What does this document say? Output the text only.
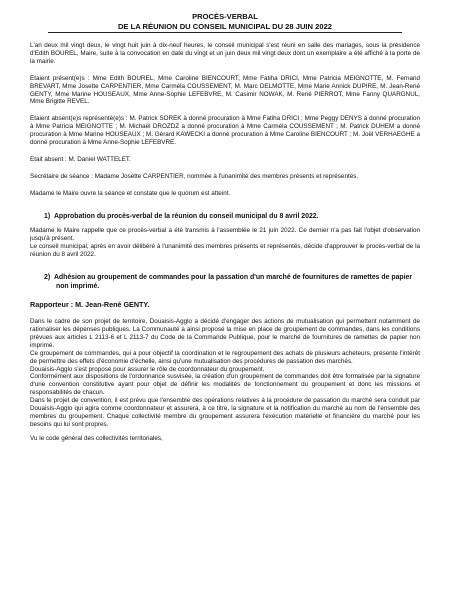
PROCÈS-VERBAL
DE LA RÉUNION DU CONSEIL MUNICIPAL DU 28 JUIN 2022

L'an deux mil vingt deux, le vingt huit juin à dix-neuf heures, le conseil municipal s'est réuni en salle des mariages, sous la présidence d'Edith BOUREL, Maire, suite à la convocation en date du vingt et un juin deux mil vingt deux dont un exemplaire a été affiché à la porte de la mairie.

Etaient présent(e)s : Mme Edith BOUREL, Mme Caroline BIENCOURT, Mme Fatiha DRICI, Mme Patricia MEIGNOTTE, M. Fernand BREVART, Mme Josette CARPENTIER, Mme Carméla COUSSEMENT, M. Marc DELMOTTE, Mme Marie Annick DUPIRE, M. Jean-René GENTY, Mme Marine HOUSEAUX, Mme Anne-Sophie LEFEBVRE, M. Casimir NOWAK, M. René PIERROT, Mme Fanny QUARGNUL, Mme Brigitte REVEL.

Etaient absent(e)s représenté(e)s : M. Patrick SOREK à donné procuration à Mme Fatiha DRICI ; Mme Peggy DENYS à donné procuration à Mme Patricia MEIGNOTTE ; M. Michaël DROZDZ a donné procuration à Mme Carméla COUSSEMENT ; M. Patrick DUHEM a donné procuration à Mme Marine HOUSEAUX ; M. Gérard KAWECKI a donné procuration à Mme Caroline BIENCOURT ; M. Joël VERHAEGHE a donné procuration à Mme Anne-Sophie LEFEBVRE.

Etait absent : M. Daniel WATTELET.

Secrétaire de séance : Madame Josette CARPENTIER, nommée à l'unanimité des membres présents et représentés.

Madame le Maire ouvre la séance et constate que le quorum est atteint.

1)  Approbation du procès-verbal de la réunion du conseil municipal du 8 avril 2022.

Madame le Maire rappelle que ce procès-verbal a été transmis à l'assemblée le 21 juin 2022. Ce dernier n'a pas fait l'objet d'observation jusqu'à présent.

Le conseil municipal, après en avoir délibéré à l'unanimité des membres présents et représentés, décide d'approuver le procès-verbal de la réunion du 8 avril 2022.

2)  Adhésion au groupement de commandes pour la passation d'un marché de fournitures de ramettes de papier non imprimé.
Rapporteur : M. Jean-René GENTY.

Dans le cadre de son projet de territoire, Douaisis-Agglo a décidé d'engager des actions de mutualisation qui permettent notamment de rationaliser les dépenses publiques. La Communauté a ainsi proposé la mise en place de groupement de commandes, dans les conditions prévues aux articles L 2113-6 et L 2113-7 du Code de la Commande Publique, pour le marché de fournitures de ramettes de papier non imprimé.

Ce groupement de commandes, qui a pour objectif la coordination et le regroupement des achats de plusieurs acheteurs, présente l'intérêt de permettre des effets d'économie d'échelle, ainsi qu'une mutualisation des procédures de passation des marchés.

Douaisis-Agglo s'est proposé pour assurer le rôle de coordonnateur du groupement.

Conformément aux dispositions de l'ordonnance susvisée, la création d'un groupement de commandes doit être formalisée par la signature d'une convention constitutive ayant pour objet de définir les modalités de fonctionnement du groupement et donc les missions et responsabilités de chacun.

Dans le projet de convention, il est prévu que l'ensemble des opérations relatives à la procédure de passation du marché sera conduit par Douaisis-Agglo qui agira comme coordonnateur et assurera, à ce titre, la signature et la notification du marché au nom de l'ensemble des membres du groupement. Chaque collectivité membre du groupement assurera l'exécution matérielle et financière du marché pour les besoins qui lui sont propres.

Vu le code général des collectivités territoriales,
